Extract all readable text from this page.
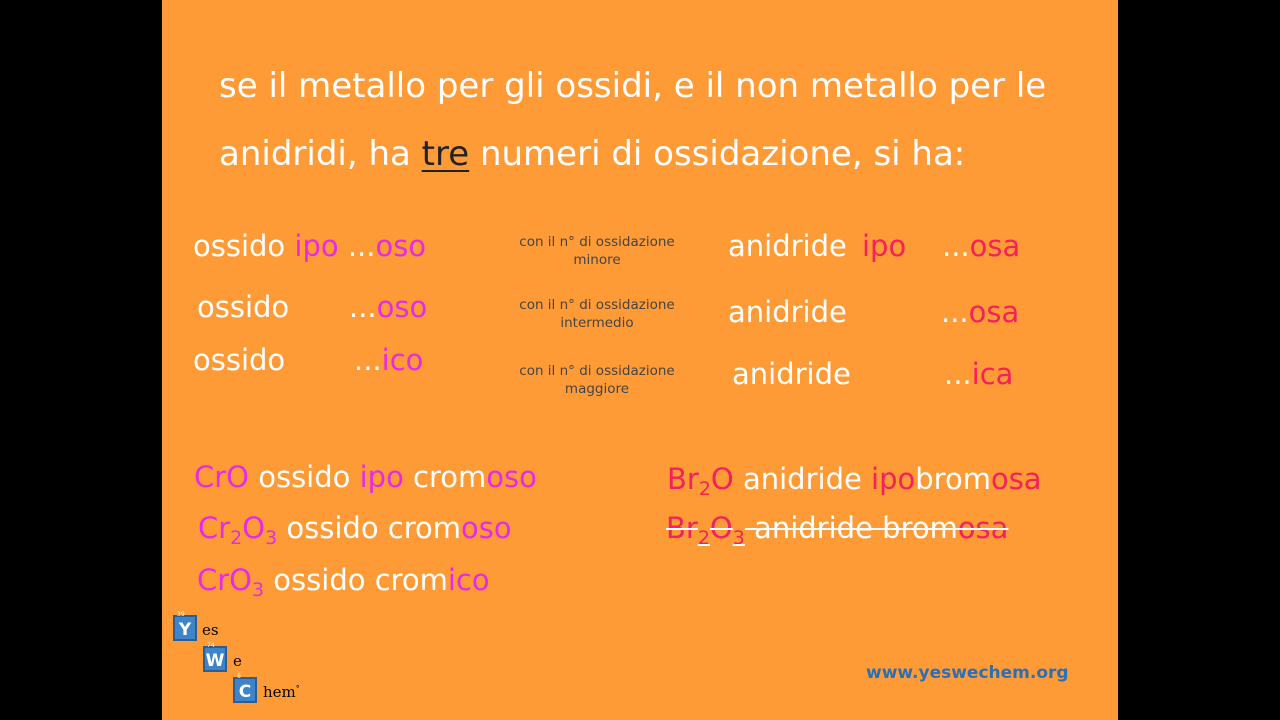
se il metallo per gli ossidi, e il non metallo per le
anidridi, ha tre numeri di ossidazione, si ha:
ossido ipo ...oso	con il n° di ossidazione minore	anidride ipo ...osa
ossido ...oso	con il n° di ossidazione intermedio	anidride	...osa
ossido ...ico	con il n° di ossidazione maggiore	anidride	...ica
CrO ossido ipo cromoso
$Cr_2O_3$ ossido cromoso
CrO$_3$ ossido cromico
$Br_2O$ anidride ipobromosa
$Br_2O_3$ anidride bromosa
www.yeswechem.org
39
Y es
74
W e
6
C hem°
